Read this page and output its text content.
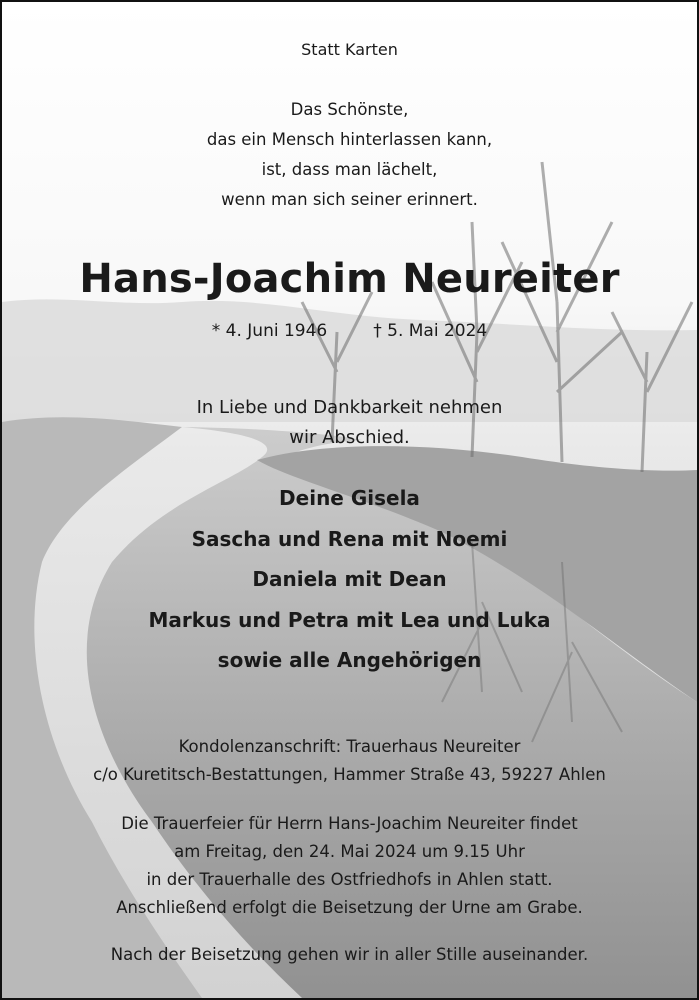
Statt Karten

Das Schönste,
das ein Mensch hinterlassen kann,
ist, dass man lächelt,
wenn man sich seiner erinnert.
Hans-Joachim Neureiter
* 4. Juni 1946	† 5. Mai 2024
In Liebe und Dankbarkeit nehmen
wir Abschied.
Deine Gisela
Sascha und Rena mit Noemi
Daniela mit Dean
Markus und Petra mit Lea und Luka
sowie alle Angehörigen
Kondolenzanschrift: Trauerhaus Neureiter
c/o Kuretitsch-Bestattungen, Hammer Straße 43, 59227 Ahlen
Die Trauerfeier für Herrn Hans-Joachim Neureiter findet
am Freitag, den 24. Mai 2024 um 9.15 Uhr
in der Trauerhalle des Ostfriedhofs in Ahlen statt.
Anschließend erfolgt die Beisetzung der Urne am Grabe.

Nach der Beisetzung gehen wir in aller Stille auseinander.
